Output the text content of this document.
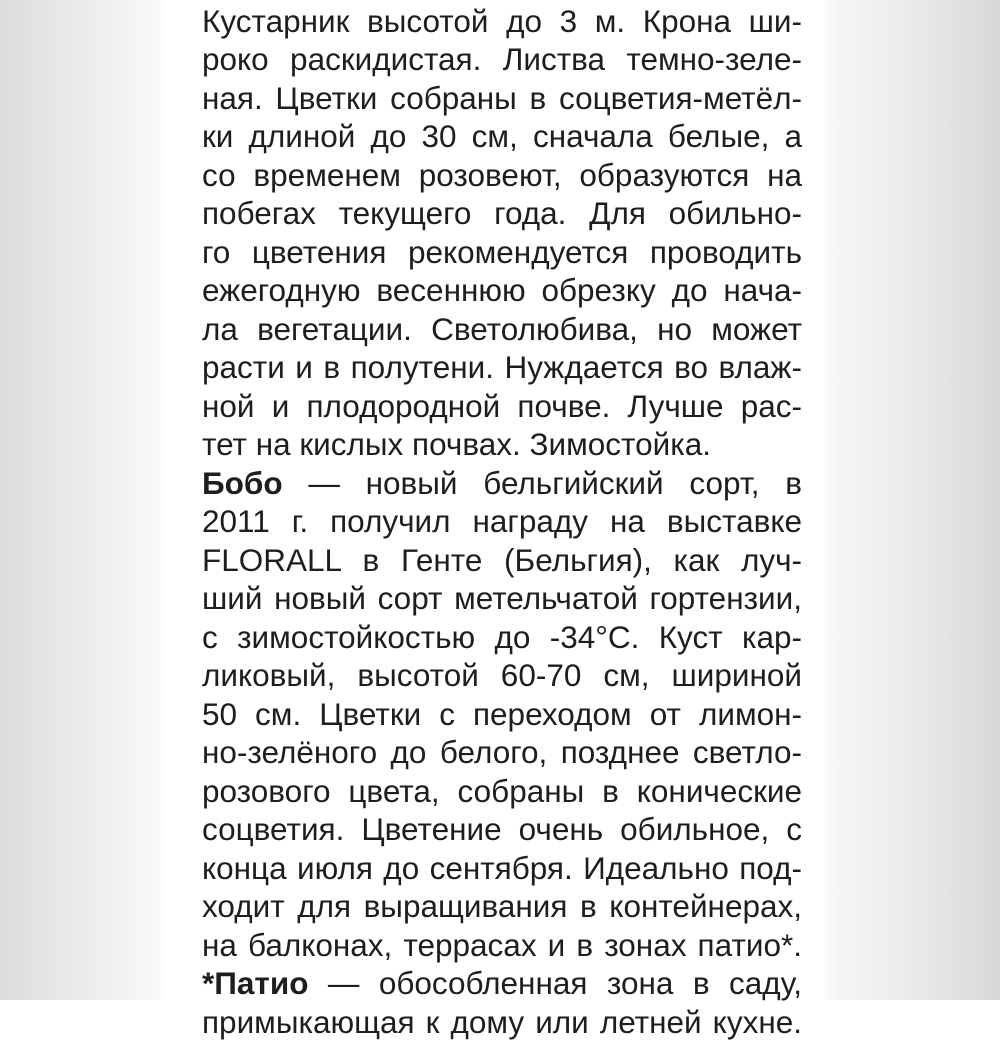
Кустарник высотой до 3 м. Крона ши-
роко раскидистая. Листва темно-зеле-
ная. Цветки собраны в соцветия-метёл-
ки длиной до 30 см, сначала белые, а
со временем розовеют, образуются на
побегах текущего года. Для обильно-
го цветения рекомендуется проводить
ежегодную весеннюю обрезку до нача-
ла вегетации. Светолюбива, но может
расти и в полутени. Нуждается во влаж-
ной и плодородной почве. Лучше рас-
тет на кислых почвах. Зимостойка.
Бобо — новый бельгийский сорт, в
2011 г. получил награду на выставке
FLORALL в Генте (Бельгия), как луч-
ший новый сорт метельчатой гортензии,
с зимостойкостью до -34°С. Куст кар-
ликовый, высотой 60-70 см, шириной
50 см. Цветки с переходом от лимон-
но-зелёного до белого, позднее светло-
розового цвета, собраны в конические
соцветия. Цветение очень обильное, с
конца июля до сентября. Идеально под-
ходит для выращивания в контейнерах,
на балконах, террасах и в зонах патио*.
*Патио — обособленная зона в саду,
примыкающая к дому или летней кухне.
